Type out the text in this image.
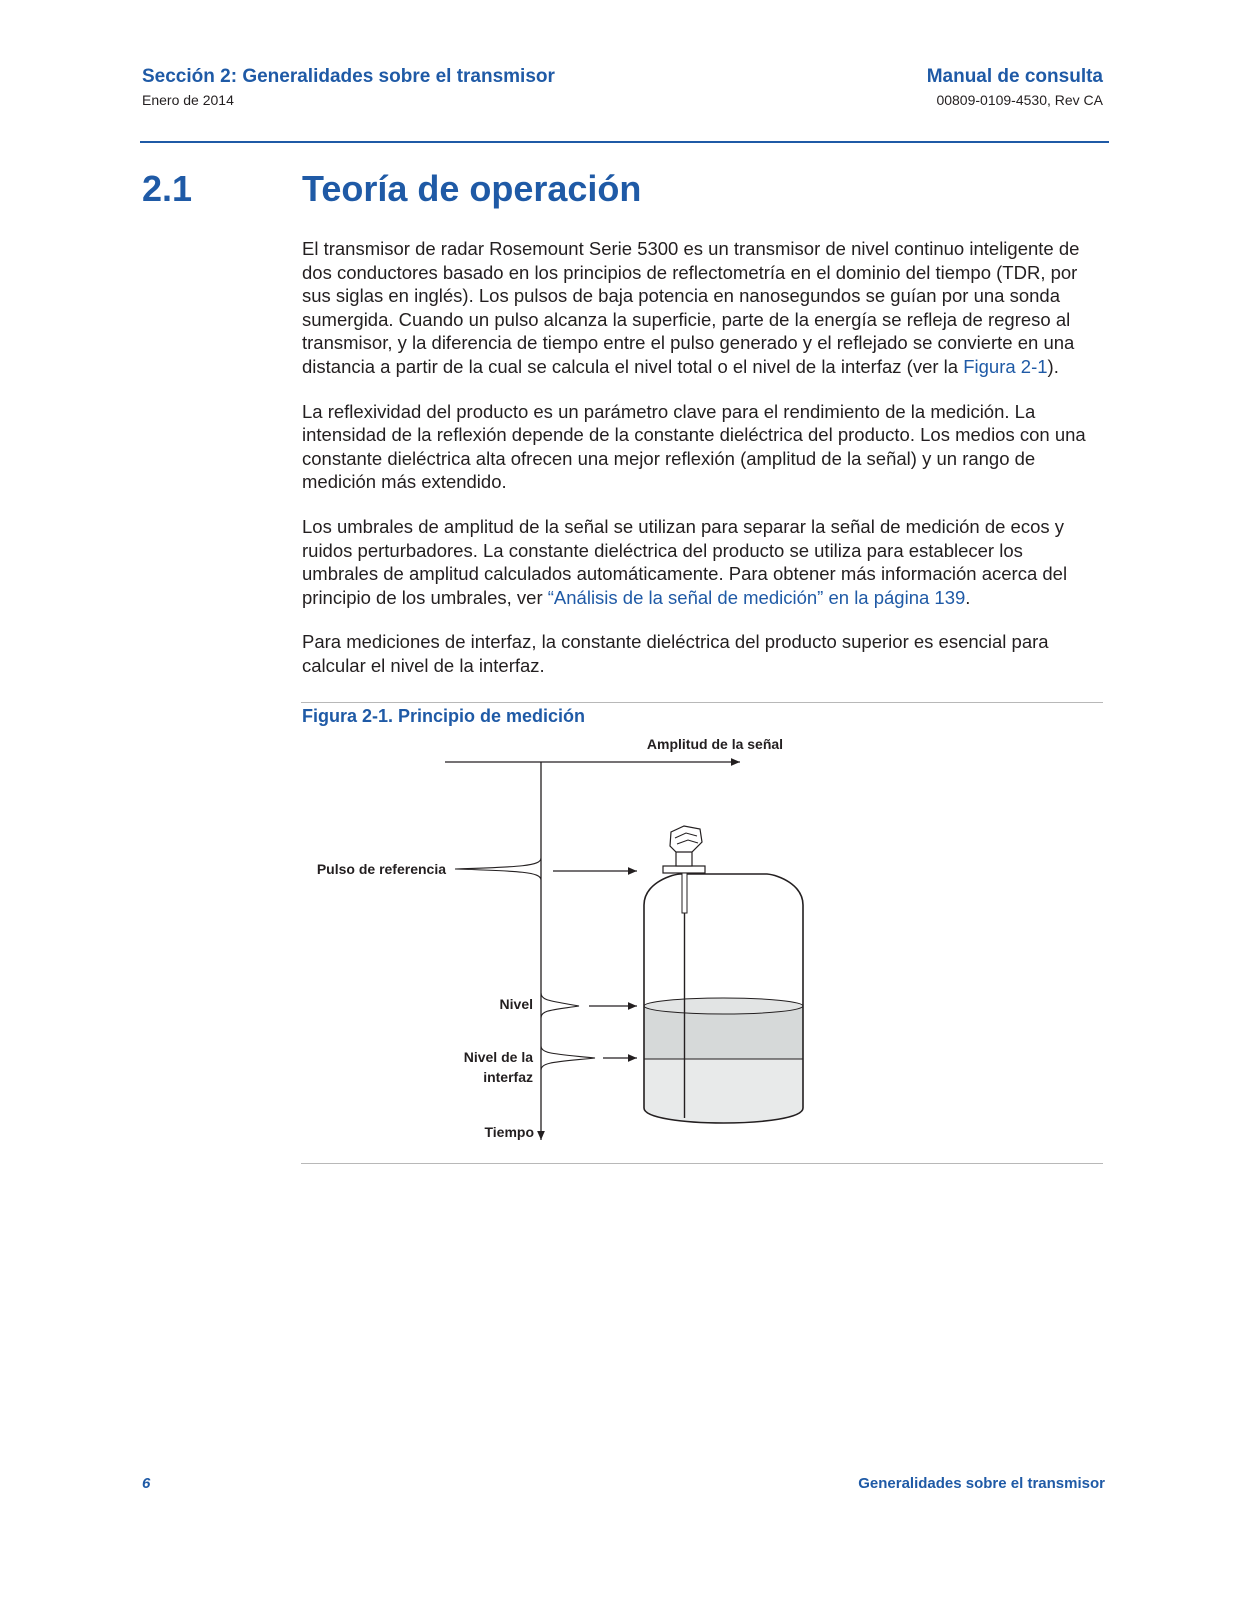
Sección 2: Generalidades sobre el transmisor
Enero de 2014
Manual de consulta
00809-0109-4530, Rev CA
2.1	Teoría de operación

El transmisor de radar Rosemount Serie 5300 es un transmisor de nivel continuo inteligente de dos conductores basado en los principios de reflectometría en el dominio del tiempo (TDR, por sus siglas en inglés). Los pulsos de baja potencia en nanosegundos se guían por una sonda sumergida. Cuando un pulso alcanza la superficie, parte de la energía se refleja de regreso al transmisor, y la diferencia de tiempo entre el pulso generado y el reflejado se convierte en una distancia a partir de la cual se calcula el nivel total o el nivel de la interfaz (ver la Figura 2-1).

La reflexividad del producto es un parámetro clave para el rendimiento de la medición. La intensidad de la reflexión depende de la constante dieléctrica del producto. Los medios con una constante dieléctrica alta ofrecen una mejor reflexión (amplitud de la señal) y un rango de medición más extendido.

Los umbrales de amplitud de la señal se utilizan para separar la señal de medición de ecos y ruidos perturbadores. La constante dieléctrica del producto se utiliza para establecer los umbrales de amplitud calculados automáticamente. Para obtener más información acerca del principio de los umbrales, ver “Análisis de la señal de medición” en la página 139.

Para mediciones de interfaz, la constante dieléctrica del producto superior es esencial para calcular el nivel de la interfaz.

Figura 2-1. Principio de medición
Amplitud de la señal
Tiempo
Pulso de referencia
Nivel
Nivel de la
interfaz
6	Generalidades sobre el transmisor
